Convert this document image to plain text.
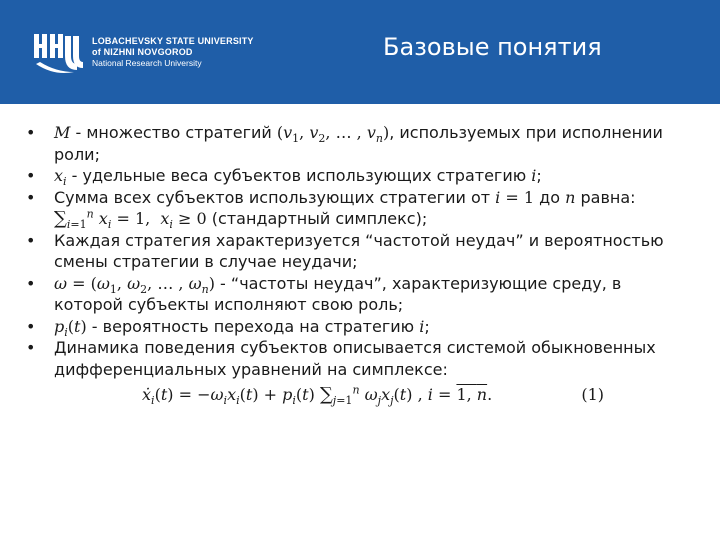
LOBACHEVSKY STATE UNIVERSITY
of NIZHNI NOVGOROD
National Research University
Базовые понятия
• M - множество стратегий ($v_1$, $v_2$, … , $v_n$), используемых при исполнении роли;
• $x_i$ - удельные веса субъектов использующих стратегию i;
• Сумма всех субъектов использующих стратегии от i = 1 до n равна:
$\sum_{i=1}^n$ $x_i = 1$,  $x_i \ge 0$ (стандартный симплекс);
• Каждая стратегия характеризуется “частотой неудач” и вероятностью смены стратегии в случае неудачи;
• $\omega = (\omega_1$, $\omega_2$, … , $\omega_n$) - “частоты неудач”, характеризующие среду, в которой субъекты исполняют свою роль;
• $p_i(t)$ - вероятность перехода на стратегию i;
• Динамика поведения субъектов описывается системой обыкновенных дифференциальных уравнений на симплексе:
ẋ$_i$(t) = $-\omega_ix_i(t) + p_i(t)$ $\sum_{j=1}^n$ $\omega_jx_j(t)$ , i = 1, n.	(1)
